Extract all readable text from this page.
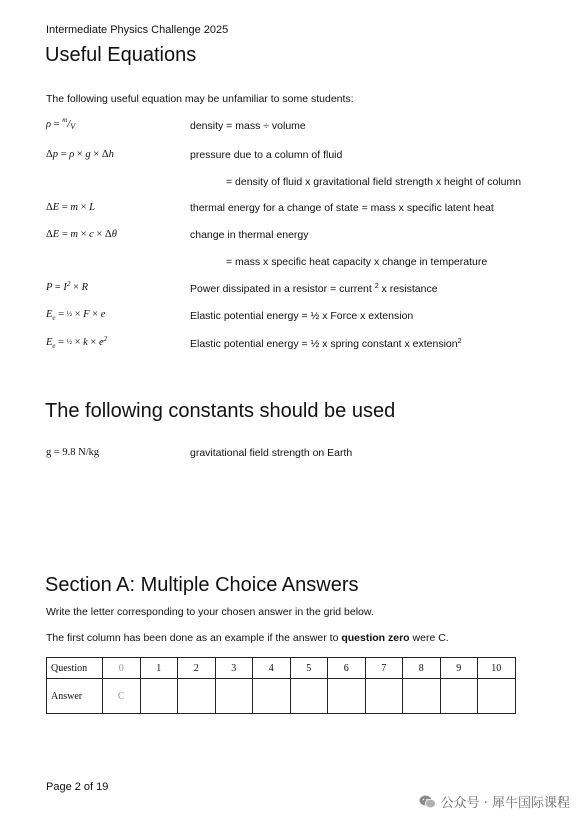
Intermediate Physics Challenge 2025
Useful Equations
The following useful equation may be unfamiliar to some students:
ρ = $^m$/V	density = mass ÷ volume
Δp = ρ × g × Δh	pressure due to a column of fluid
= density of fluid x gravitational field strength x height of column
ΔE = m × L	thermal energy for a change of state = mass x specific latent heat
ΔE = m × c × Δθ	change in thermal energy
= mass x specific heat capacity x change in temperature
$P = I^2 \times R$	Power dissipated in a resistor = current $^2$ x resistance
$E_e$ = ½ × F × e	Elastic potential energy = ½ x Force x extension
$E_e$ = ½ × $k \times e^2$	Elastic potential energy = ½ x spring constant x extension$^2$
The following constants should be used
g = 9.8 N/kg	gravitational field strength on Earth
Section A: Multiple Choice Answers
Write the letter corresponding to your chosen answer in the grid below.
The first column has been done as an example if the answer to question zero were C.
Question	0	1	2	3	4	5	6	7	8	9	10
Answer	C										
Page 2 of 19
公众号 · 犀牛国际课程
